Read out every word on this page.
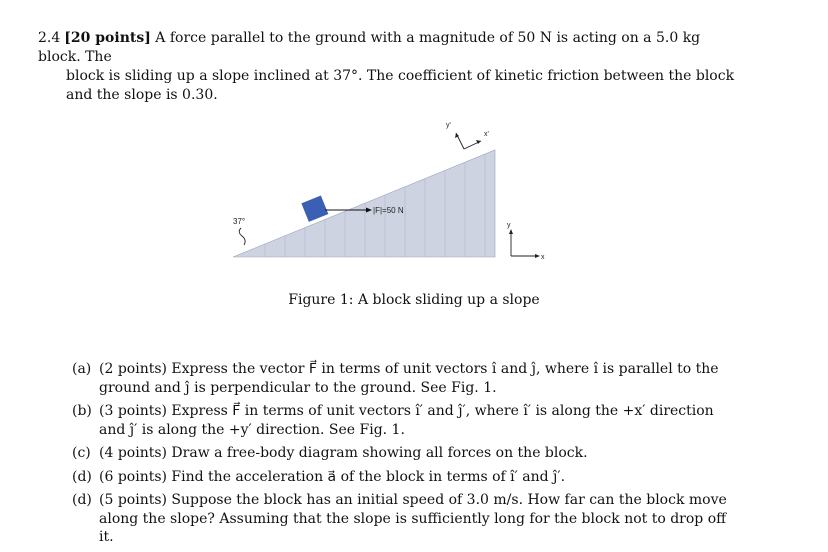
2.4 [20 points] A force parallel to the ground with a magnitude of 50 N is acting on a 5.0 kg block. The
block is sliding up a slope inclined at 37°. The coefficient of kinetic friction between the block and the slope is 0.30.
|F|=50 N
37°
y'
x'
y
x
Figure 1: A block sliding up a slope
(a) (2 points) Express the vector F⃗ in terms of unit vectors î and ĵ, where î is parallel to the ground and ĵ is perpendicular to the ground. See Fig. 1.
(b) (3 points) Express F⃗ in terms of unit vectors î′ and ĵ′, where î′ is along the +x′ direction and ĵ′ is along the +y′ direction. See Fig. 1.
(c) (4 points) Draw a free-body diagram showing all forces on the block.
(d) (6 points) Find the acceleration a⃗ of the block in terms of î′ and ĵ′.
(d) (5 points) Suppose the block has an initial speed of 3.0 m/s. How far can the block move along the slope? Assuming that the slope is sufficiently long for the block not to drop off it.
